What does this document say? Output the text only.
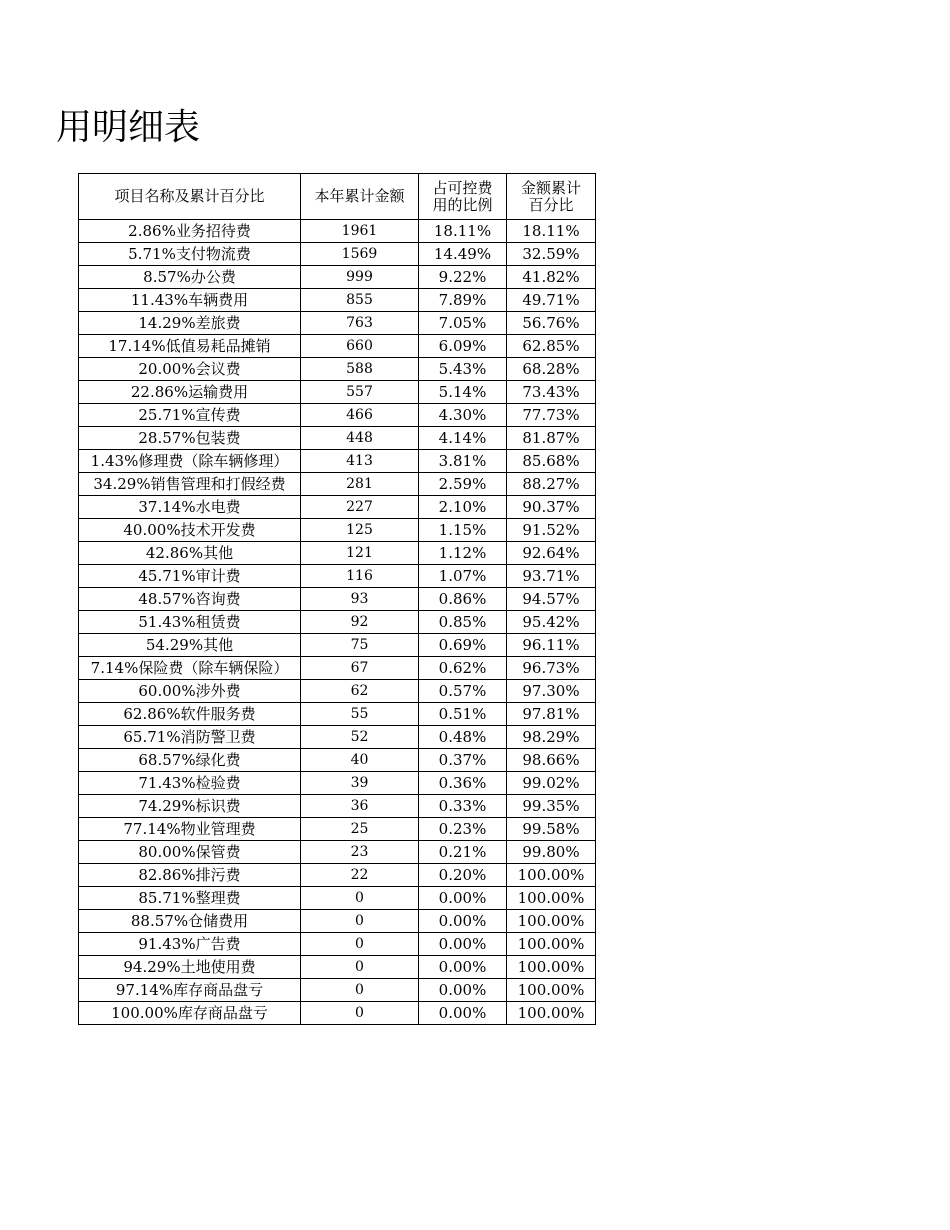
用明细表
项目名称及累计百分比	本年累计金额	占可控费用的比例	金额累计百分比
2.86%业务招待费	1961	18.11%	18.11%
5.71%支付物流费	1569	14.49%	32.59%
8.57%办公费	999	9.22%	41.82%
11.43%车辆费用	855	7.89%	49.71%
14.29%差旅费	763	7.05%	56.76%
17.14%低值易耗品摊销	660	6.09%	62.85%
20.00%会议费	588	5.43%	68.28%
22.86%运输费用	557	5.14%	73.43%
25.71%宣传费	466	4.30%	77.73%
28.57%包装费	448	4.14%	81.87%
1.43%修理费（除车辆修理）	413	3.81%	85.68%
34.29%销售管理和打假经费	281	2.59%	88.27%
37.14%水电费	227	2.10%	90.37%
40.00%技术开发费	125	1.15%	91.52%
42.86%其他	121	1.12%	92.64%
45.71%审计费	116	1.07%	93.71%
48.57%咨询费	93	0.86%	94.57%
51.43%租赁费	92	0.85%	95.42%
54.29%其他	75	0.69%	96.11%
7.14%保险费（除车辆保险）	67	0.62%	96.73%
60.00%涉外费	62	0.57%	97.30%
62.86%软件服务费	55	0.51%	97.81%
65.71%消防警卫费	52	0.48%	98.29%
68.57%绿化费	40	0.37%	98.66%
71.43%检验费	39	0.36%	99.02%
74.29%标识费	36	0.33%	99.35%
77.14%物业管理费	25	0.23%	99.58%
80.00%保管费	23	0.21%	99.80%
82.86%排污费	22	0.20%	100.00%
85.71%整理费	0	0.00%	100.00%
88.57%仓储费用	0	0.00%	100.00%
91.43%广告费	0	0.00%	100.00%
94.29%土地使用费	0	0.00%	100.00%
97.14%库存商品盘亏	0	0.00%	100.00%
100.00%库存商品盘亏	0	0.00%	100.00%
